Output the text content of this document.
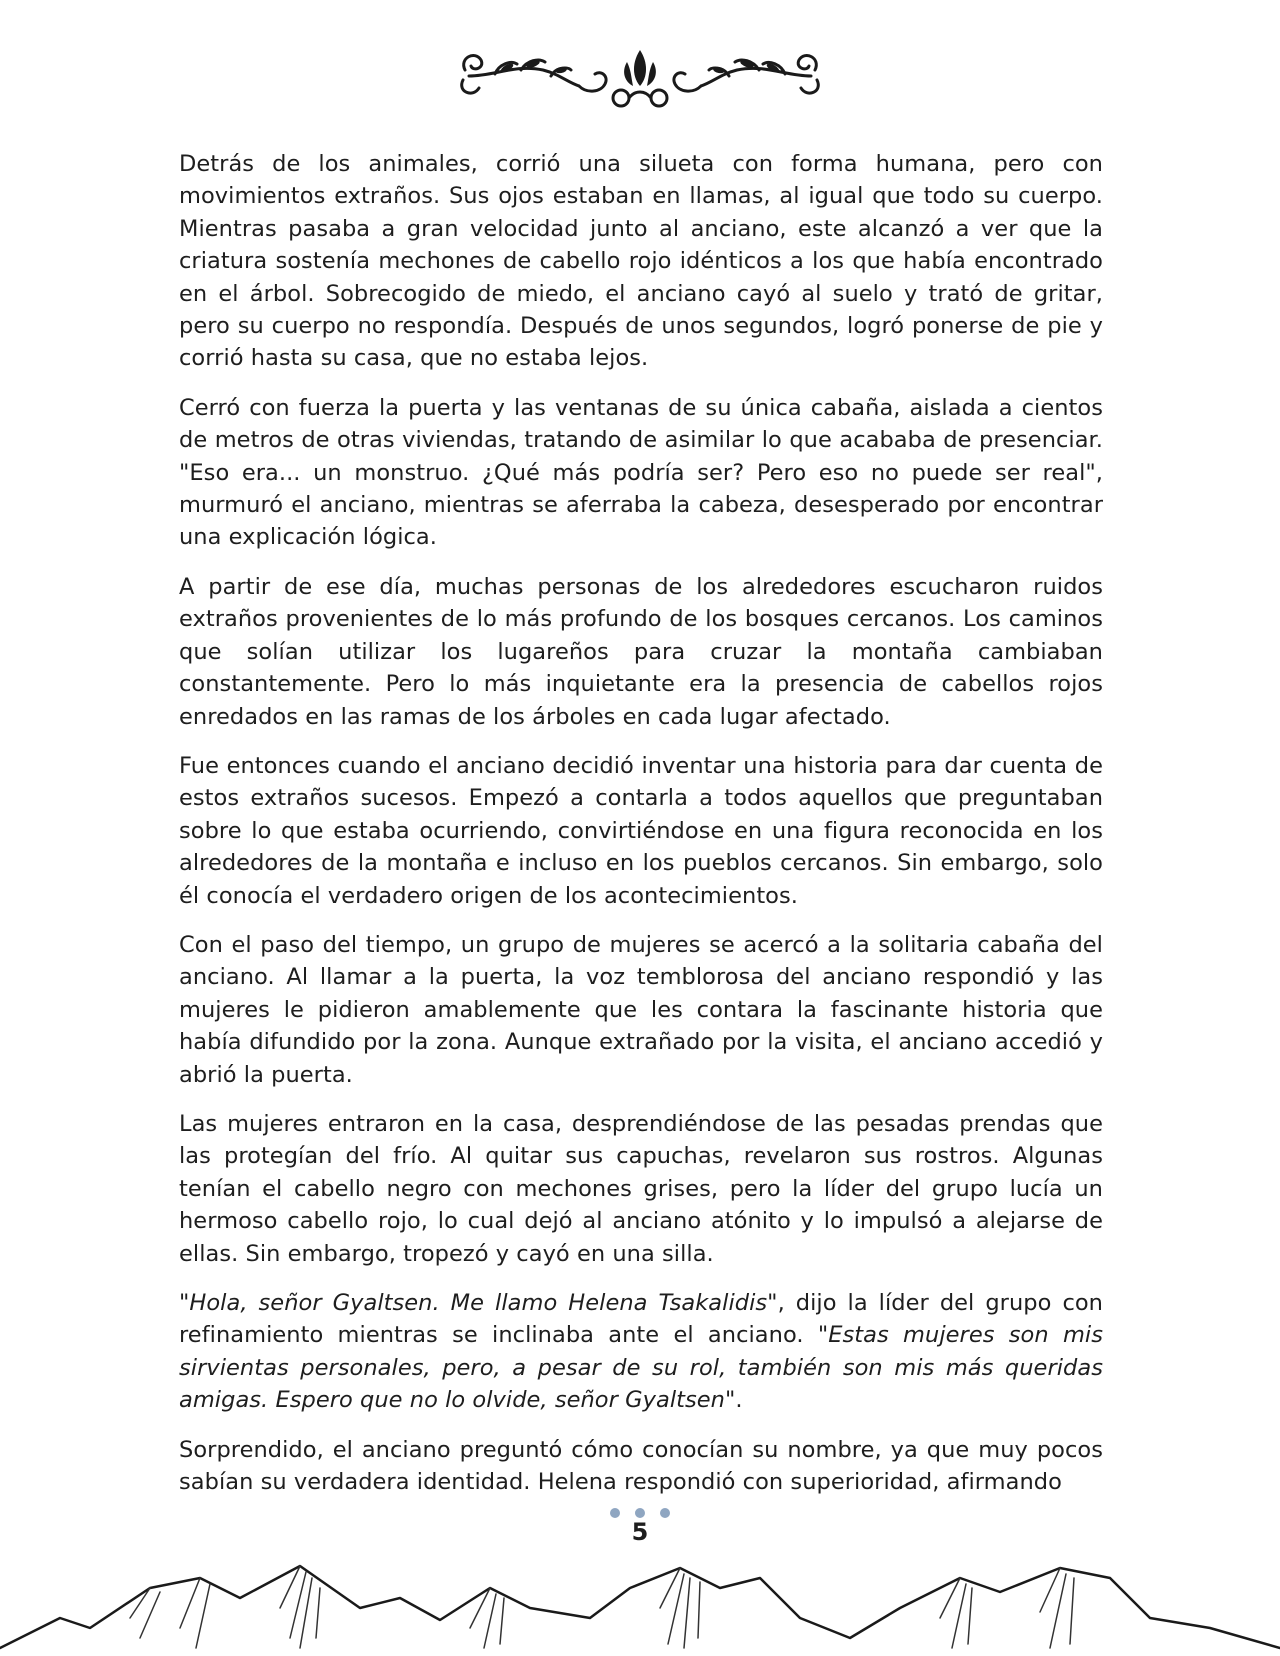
Detrás de los animales, corrió una silueta con forma humana, pero con movimientos extraños. Sus ojos estaban en llamas, al igual que todo su cuerpo. Mientras pasaba a gran velocidad junto al anciano, este alcanzó a ver que la criatura sostenía mechones de cabello rojo idénticos a los que había encontrado en el árbol. Sobrecogido de miedo, el anciano cayó al suelo y trató de gritar, pero su cuerpo no respondía. Después de unos segundos, logró ponerse de pie y corrió hasta su casa, que no estaba lejos.

Cerró con fuerza la puerta y las ventanas de su única cabaña, aislada a cientos de metros de otras viviendas, tratando de asimilar lo que acababa de presenciar. "Eso era... un monstruo. ¿Qué más podría ser? Pero eso no puede ser real", murmuró el anciano, mientras se aferraba la cabeza, desesperado por encontrar una explicación lógica.

A partir de ese día, muchas personas de los alrededores escucharon ruidos extraños provenientes de lo más profundo de los bosques cercanos. Los caminos que solían utilizar los lugareños para cruzar la montaña cambiaban constantemente. Pero lo más inquietante era la presencia de cabellos rojos enredados en las ramas de los árboles en cada lugar afectado.

Fue entonces cuando el anciano decidió inventar una historia para dar cuenta de estos extraños sucesos. Empezó a contarla a todos aquellos que preguntaban sobre lo que estaba ocurriendo, convirtiéndose en una figura reconocida en los alrededores de la montaña e incluso en los pueblos cercanos. Sin embargo, solo él conocía el verdadero origen de los acontecimientos.

Con el paso del tiempo, un grupo de mujeres se acercó a la solitaria cabaña del anciano. Al llamar a la puerta, la voz temblorosa del anciano respondió y las mujeres le pidieron amablemente que les contara la fascinante historia que había difundido por la zona. Aunque extrañado por la visita, el anciano accedió y abrió la puerta.

Las mujeres entraron en la casa, desprendiéndose de las pesadas prendas que las protegían del frío. Al quitar sus capuchas, revelaron sus rostros. Algunas tenían el cabello negro con mechones grises, pero la líder del grupo lucía un hermoso cabello rojo, lo cual dejó al anciano atónito y lo impulsó a alejarse de ellas. Sin embargo, tropezó y cayó en una silla.

"Hola, señor Gyaltsen. Me llamo Helena Tsakalidis", dijo la líder del grupo con refinamiento mientras se inclinaba ante el anciano. "Estas mujeres son mis sirvientas personales, pero, a pesar de su rol, también son mis más queridas amigas. Espero que no lo olvide, señor Gyaltsen".

Sorprendido, el anciano preguntó cómo conocían su nombre, ya que muy pocos sabían su verdadera identidad. Helena respondió con superioridad, afirmando

5
